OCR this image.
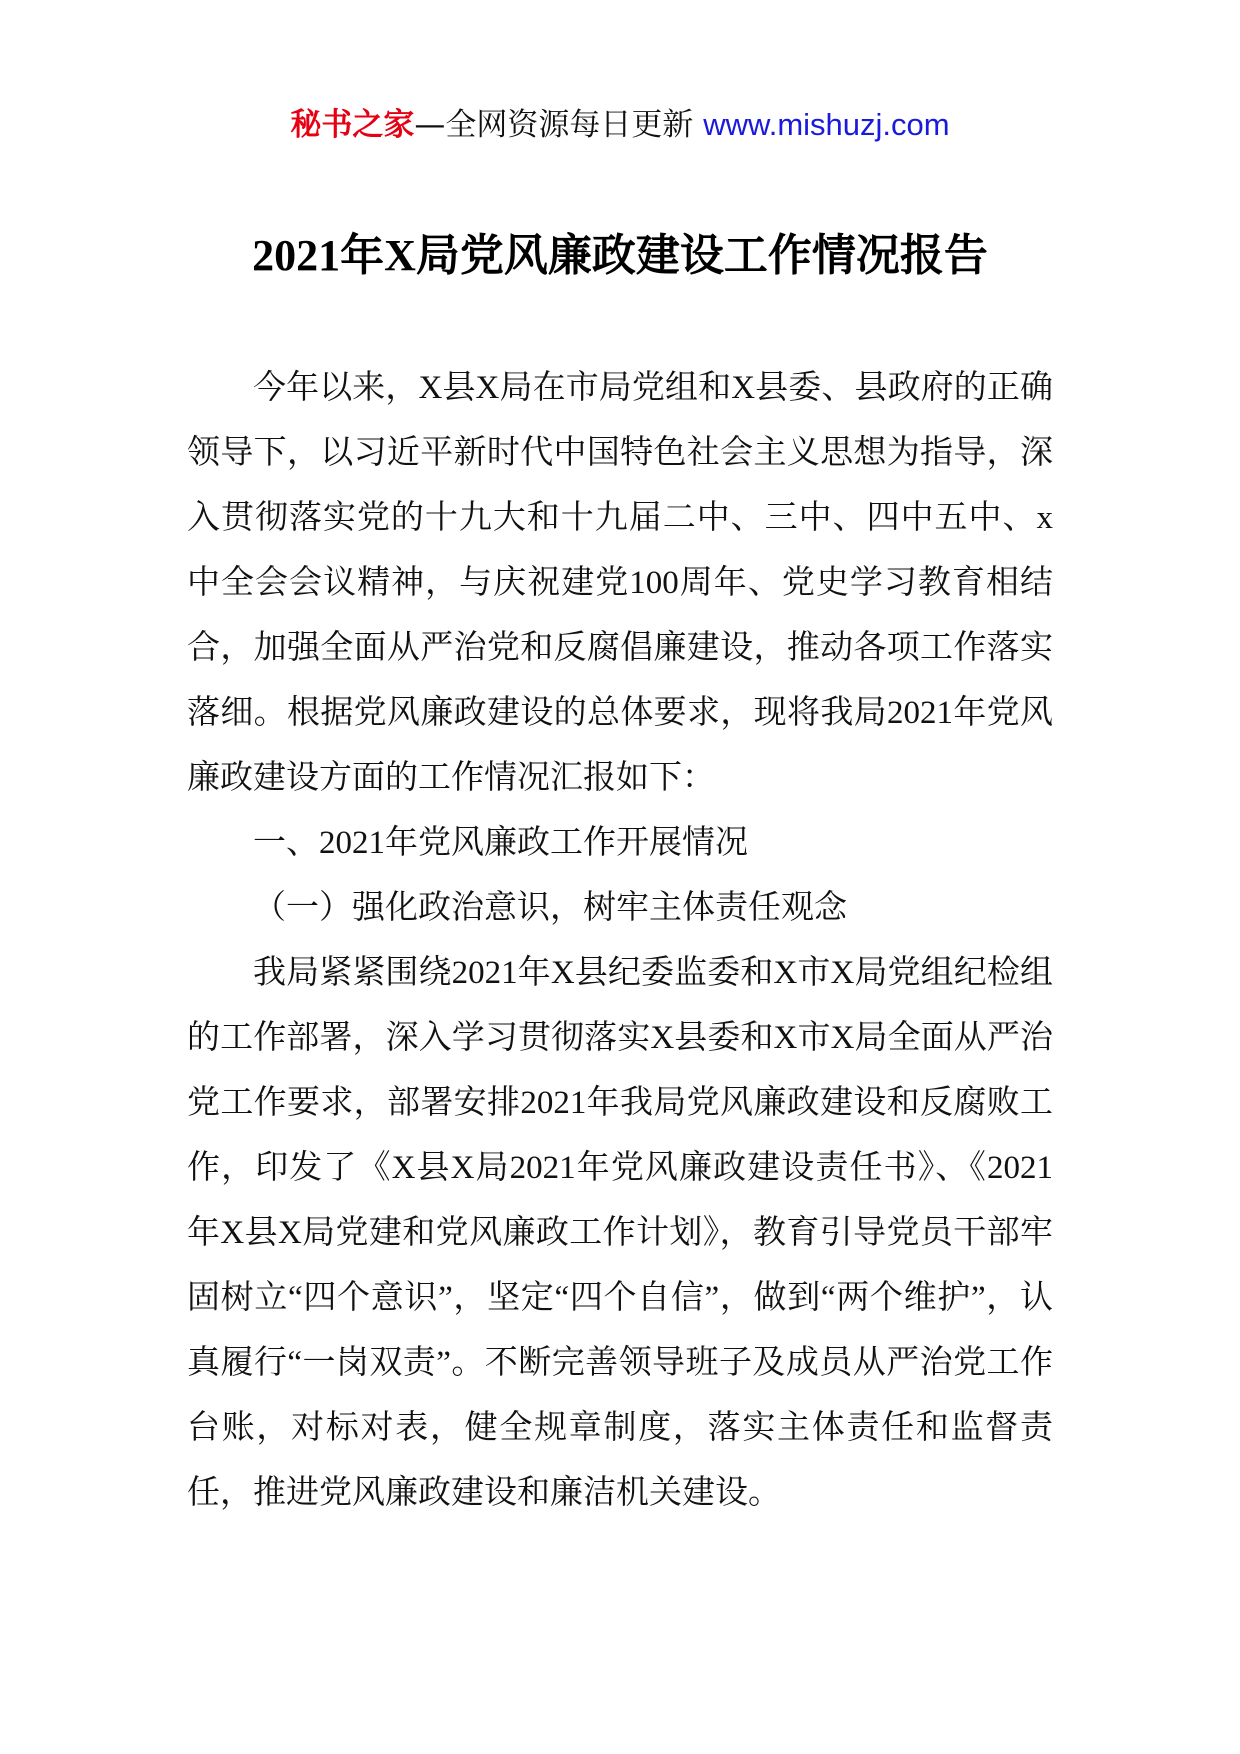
秘书之家—全网资源每日更新 www.mishuzj.com
2021年X局党风廉政建设工作情况报告

今年以来，X县X局在市局党组和X县委、县政府的正确领导下，以习近平新时代中国特色社会主义思想为指导，深入贯彻落实党的十九大和十九届二中、三中、四中五中、x中全会会议精神，与庆祝建党100周年、党史学习教育相结合，加强全面从严治党和反腐倡廉建设，推动各项工作落实落细。根据党风廉政建设的总体要求，现将我局2021年党风廉政建设方面的工作情况汇报如下：

一、2021年党风廉政工作开展情况

（一）强化政治意识，树牢主体责任观念

我局紧紧围绕2021年X县纪委监委和X市X局党组纪检组的工作部署，深入学习贯彻落实X县委和X市X局全面从严治党工作要求，部署安排2021年我局党风廉政建设和反腐败工作，印发了《X县X局2021年党风廉政建设责任书》、《2021年X县X局党建和党风廉政工作计划》，教育引导党员干部牢固树立“四个意识”，坚定“四个自信”，做到“两个维护”，认真履行“一岗双责”。不断完善领导班子及成员从严治党工作台账，对标对表，健全规章制度，落实主体责任和监督责任，推进党风廉政建设和廉洁机关建设。
